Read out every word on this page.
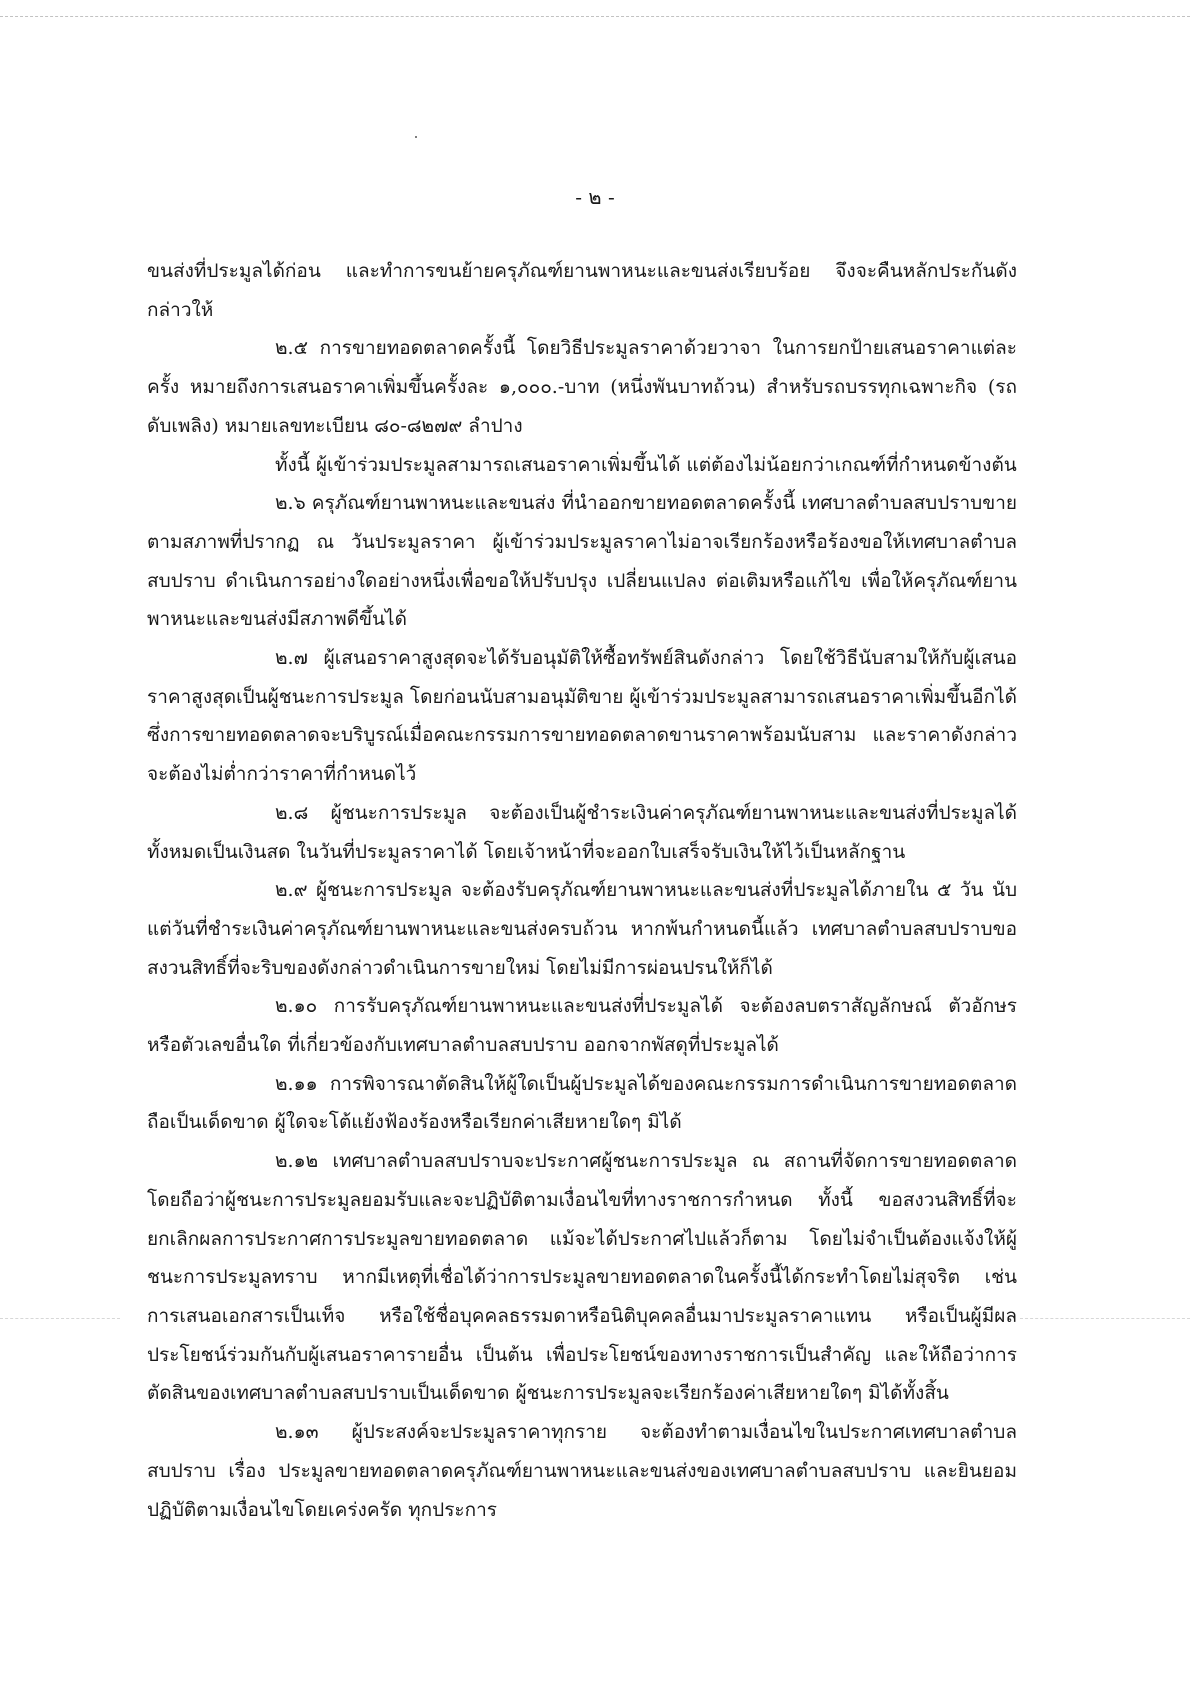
- ๒ -

ขนส่งที่ประมูลได้ก่อน และทำการขนย้ายครุภัณฑ์ยานพาหนะและขนส่งเรียบร้อย จึงจะคืนหลักประกันดังกล่าวให้

๒.๕ การขายทอดตลาดครั้งนี้ โดยวิธีประมูลราคาด้วยวาจา ในการยกป้ายเสนอราคาแต่ละครั้ง หมายถึงการเสนอราคาเพิ่มขึ้นครั้งละ ๑,๐๐๐.-บาท (หนึ่งพันบาทถ้วน) สำหรับรถบรรทุกเฉพาะกิจ (รถดับเพลิง) หมายเลขทะเบียน ๘๐-๘๒๗๙ ลำปาง

ทั้งนี้ ผู้เข้าร่วมประมูลสามารถเสนอราคาเพิ่มขึ้นได้ แต่ต้องไม่น้อยกว่าเกณฑ์ที่กำหนดข้างต้น

๒.๖ ครุภัณฑ์ยานพาหนะและขนส่ง ที่นำออกขายทอดตลาดครั้งนี้ เทศบาลตำบลสบปราบขายตามสภาพที่ปรากฏ ณ วันประมูลราคา ผู้เข้าร่วมประมูลราคาไม่อาจเรียกร้องหรือร้องขอให้เทศบาลตำบลสบปราบ ดำเนินการอย่างใดอย่างหนึ่งเพื่อขอให้ปรับปรุง เปลี่ยนแปลง ต่อเติมหรือแก้ไข เพื่อให้ครุภัณฑ์ยานพาหนะและขนส่งมีสภาพดีขึ้นได้

๒.๗ ผู้เสนอราคาสูงสุดจะได้รับอนุมัติให้ซื้อทรัพย์สินดังกล่าว โดยใช้วิธีนับสามให้กับผู้เสนอราคาสูงสุดเป็นผู้ชนะการประมูล โดยก่อนนับสามอนุมัติขาย ผู้เข้าร่วมประมูลสามารถเสนอราคาเพิ่มขึ้นอีกได้ ซึ่งการขายทอดตลาดจะบริบูรณ์เมื่อคณะกรรมการขายทอดตลาดขานราคาพร้อมนับสาม และราคาดังกล่าวจะต้องไม่ต่ำกว่าราคาที่กำหนดไว้

๒.๘ ผู้ชนะการประมูล จะต้องเป็นผู้ชำระเงินค่าครุภัณฑ์ยานพาหนะและขนส่งที่ประมูลได้ทั้งหมดเป็นเงินสด ในวันที่ประมูลราคาได้ โดยเจ้าหน้าที่จะออกใบเสร็จรับเงินให้ไว้เป็นหลักฐาน

๒.๙ ผู้ชนะการประมูล จะต้องรับครุภัณฑ์ยานพาหนะและขนส่งที่ประมูลได้ภายใน ๕ วัน นับแต่วันที่ชำระเงินค่าครุภัณฑ์ยานพาหนะและขนส่งครบถ้วน หากพ้นกำหนดนี้แล้ว เทศบาลตำบลสบปราบขอสงวนสิทธิ์ที่จะริบของดังกล่าวดำเนินการขายใหม่ โดยไม่มีการผ่อนปรนให้ก็ได้

๒.๑๐ การรับครุภัณฑ์ยานพาหนะและขนส่งที่ประมูลได้ จะต้องลบตราสัญลักษณ์ ตัวอักษรหรือตัวเลขอื่นใด ที่เกี่ยวข้องกับเทศบาลตำบลสบปราบ ออกจากพัสดุที่ประมูลได้

๒.๑๑ การพิจารณาตัดสินให้ผู้ใดเป็นผู้ประมูลได้ของคณะกรรมการดำเนินการขายทอดตลาดถือเป็นเด็ดขาด ผู้ใดจะโต้แย้งฟ้องร้องหรือเรียกค่าเสียหายใดๆ มิได้

๒.๑๒ เทศบาลตำบลสบปราบจะประกาศผู้ชนะการประมูล ณ สถานที่จัดการขายทอดตลาดโดยถือว่าผู้ชนะการประมูลยอมรับและจะปฏิบัติตามเงื่อนไขที่ทางราชการกำหนด ทั้งนี้ ขอสงวนสิทธิ์ที่จะยกเลิกผลการประกาศการประมูลขายทอดตลาด แม้จะได้ประกาศไปแล้วก็ตาม โดยไม่จำเป็นต้องแจ้งให้ผู้ชนะการประมูลทราบ หากมีเหตุที่เชื่อได้ว่าการประมูลขายทอดตลาดในครั้งนี้ได้กระทำโดยไม่สุจริต เช่น การเสนอเอกสารเป็นเท็จ หรือใช้ชื่อบุคคลธรรมดาหรือนิติบุคคลอื่นมาประมูลราคาแทน หรือเป็นผู้มีผลประโยชน์ร่วมกันกับผู้เสนอราคารายอื่น เป็นต้น เพื่อประโยชน์ของทางราชการเป็นสำคัญ และให้ถือว่าการตัดสินของเทศบาลตำบลสบปราบเป็นเด็ดขาด ผู้ชนะการประมูลจะเรียกร้องค่าเสียหายใดๆ มิได้ทั้งสิ้น

๒.๑๓ ผู้ประสงค์จะประมูลราคาทุกราย จะต้องทำตามเงื่อนไขในประกาศเทศบาลตำบลสบปราบ เรื่อง ประมูลขายทอดตลาดครุภัณฑ์ยานพาหนะและขนส่งของเทศบาลตำบลสบปราบ และยินยอมปฏิบัติตามเงื่อนไขโดยเคร่งครัด ทุกประการ
